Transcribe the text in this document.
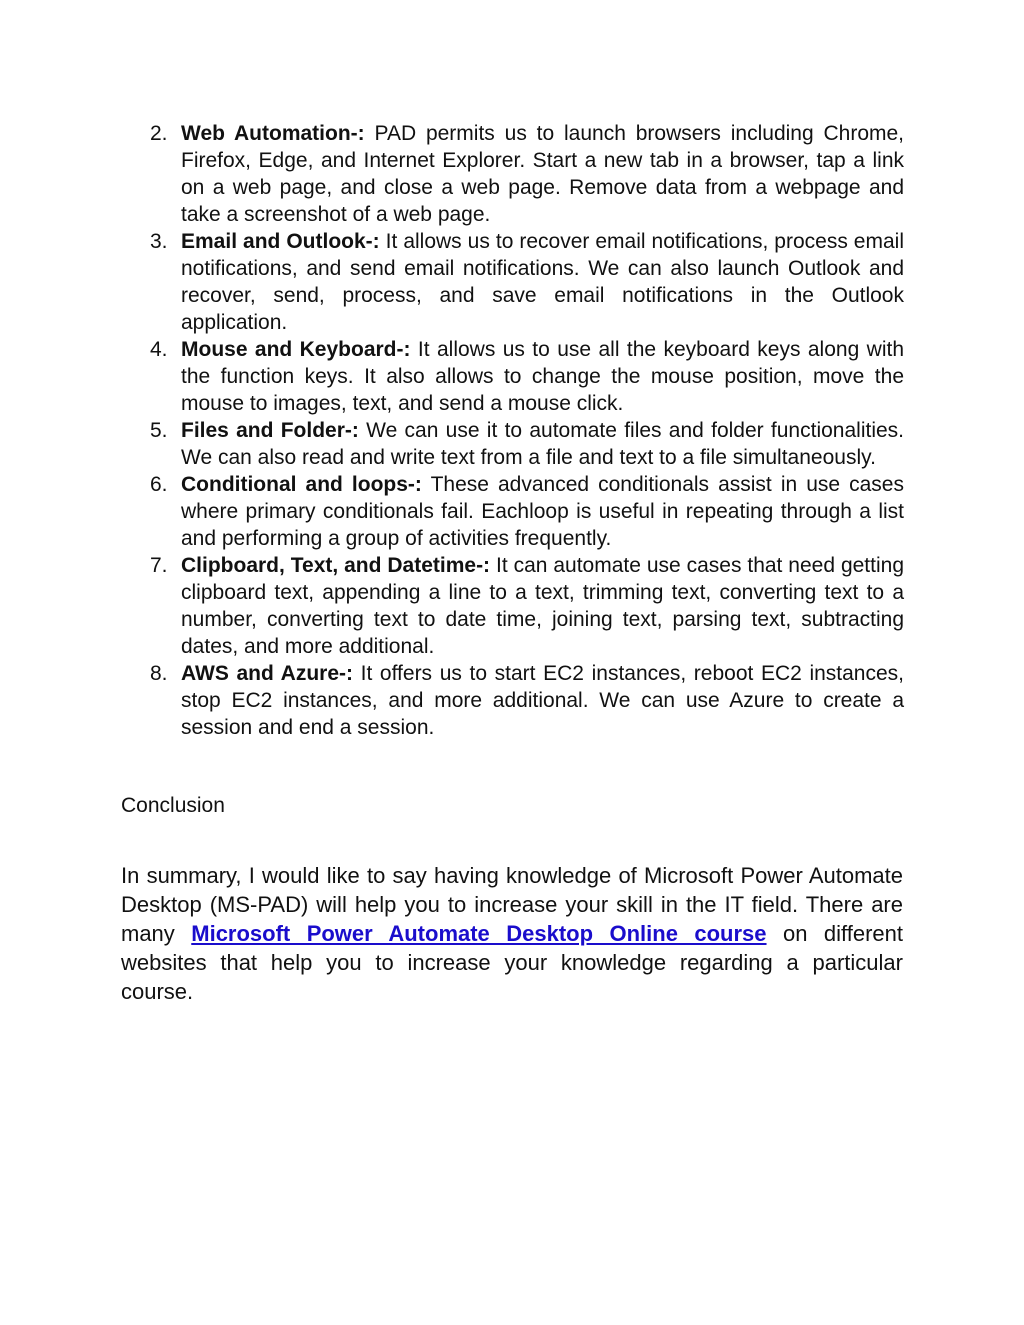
2. Web Automation-: PAD permits us to launch browsers including Chrome, Firefox, Edge, and Internet Explorer. Start a new tab in a browser, tap a link on a web page, and close a web page. Remove data from a webpage and take a screenshot of a web page.
3. Email and Outlook-: It allows us to recover email notifications, process email notifications, and send email notifications. We can also launch Outlook and recover, send, process, and save email notifications in the Outlook application.
4. Mouse and Keyboard-: It allows us to use all the keyboard keys along with the function keys. It also allows to change the mouse position, move the mouse to images, text, and send a mouse click.
5. Files and Folder-: We can use it to automate files and folder functionalities. We can also read and write text from a file and text to a file simultaneously.
6. Conditional and loops-: These advanced conditionals assist in use cases where primary conditionals fail. Eachloop is useful in repeating through a list and performing a group of activities frequently.
7. Clipboard, Text, and Datetime-: It can automate use cases that need getting clipboard text, appending a line to a text, trimming text, converting text to a number, converting text to date time, joining text, parsing text, subtracting dates, and more additional.
8. AWS and Azure-: It offers us to start EC2 instances, reboot EC2 instances, stop EC2 instances, and more additional. We can use Azure to create a session and end a session.
Conclusion

In summary, I would like to say having knowledge of Microsoft Power Automate Desktop (MS-PAD) will help you to increase your skill in the IT field. There are many Microsoft Power Automate Desktop Online course on different websites that help you to increase your knowledge regarding a particular course.
